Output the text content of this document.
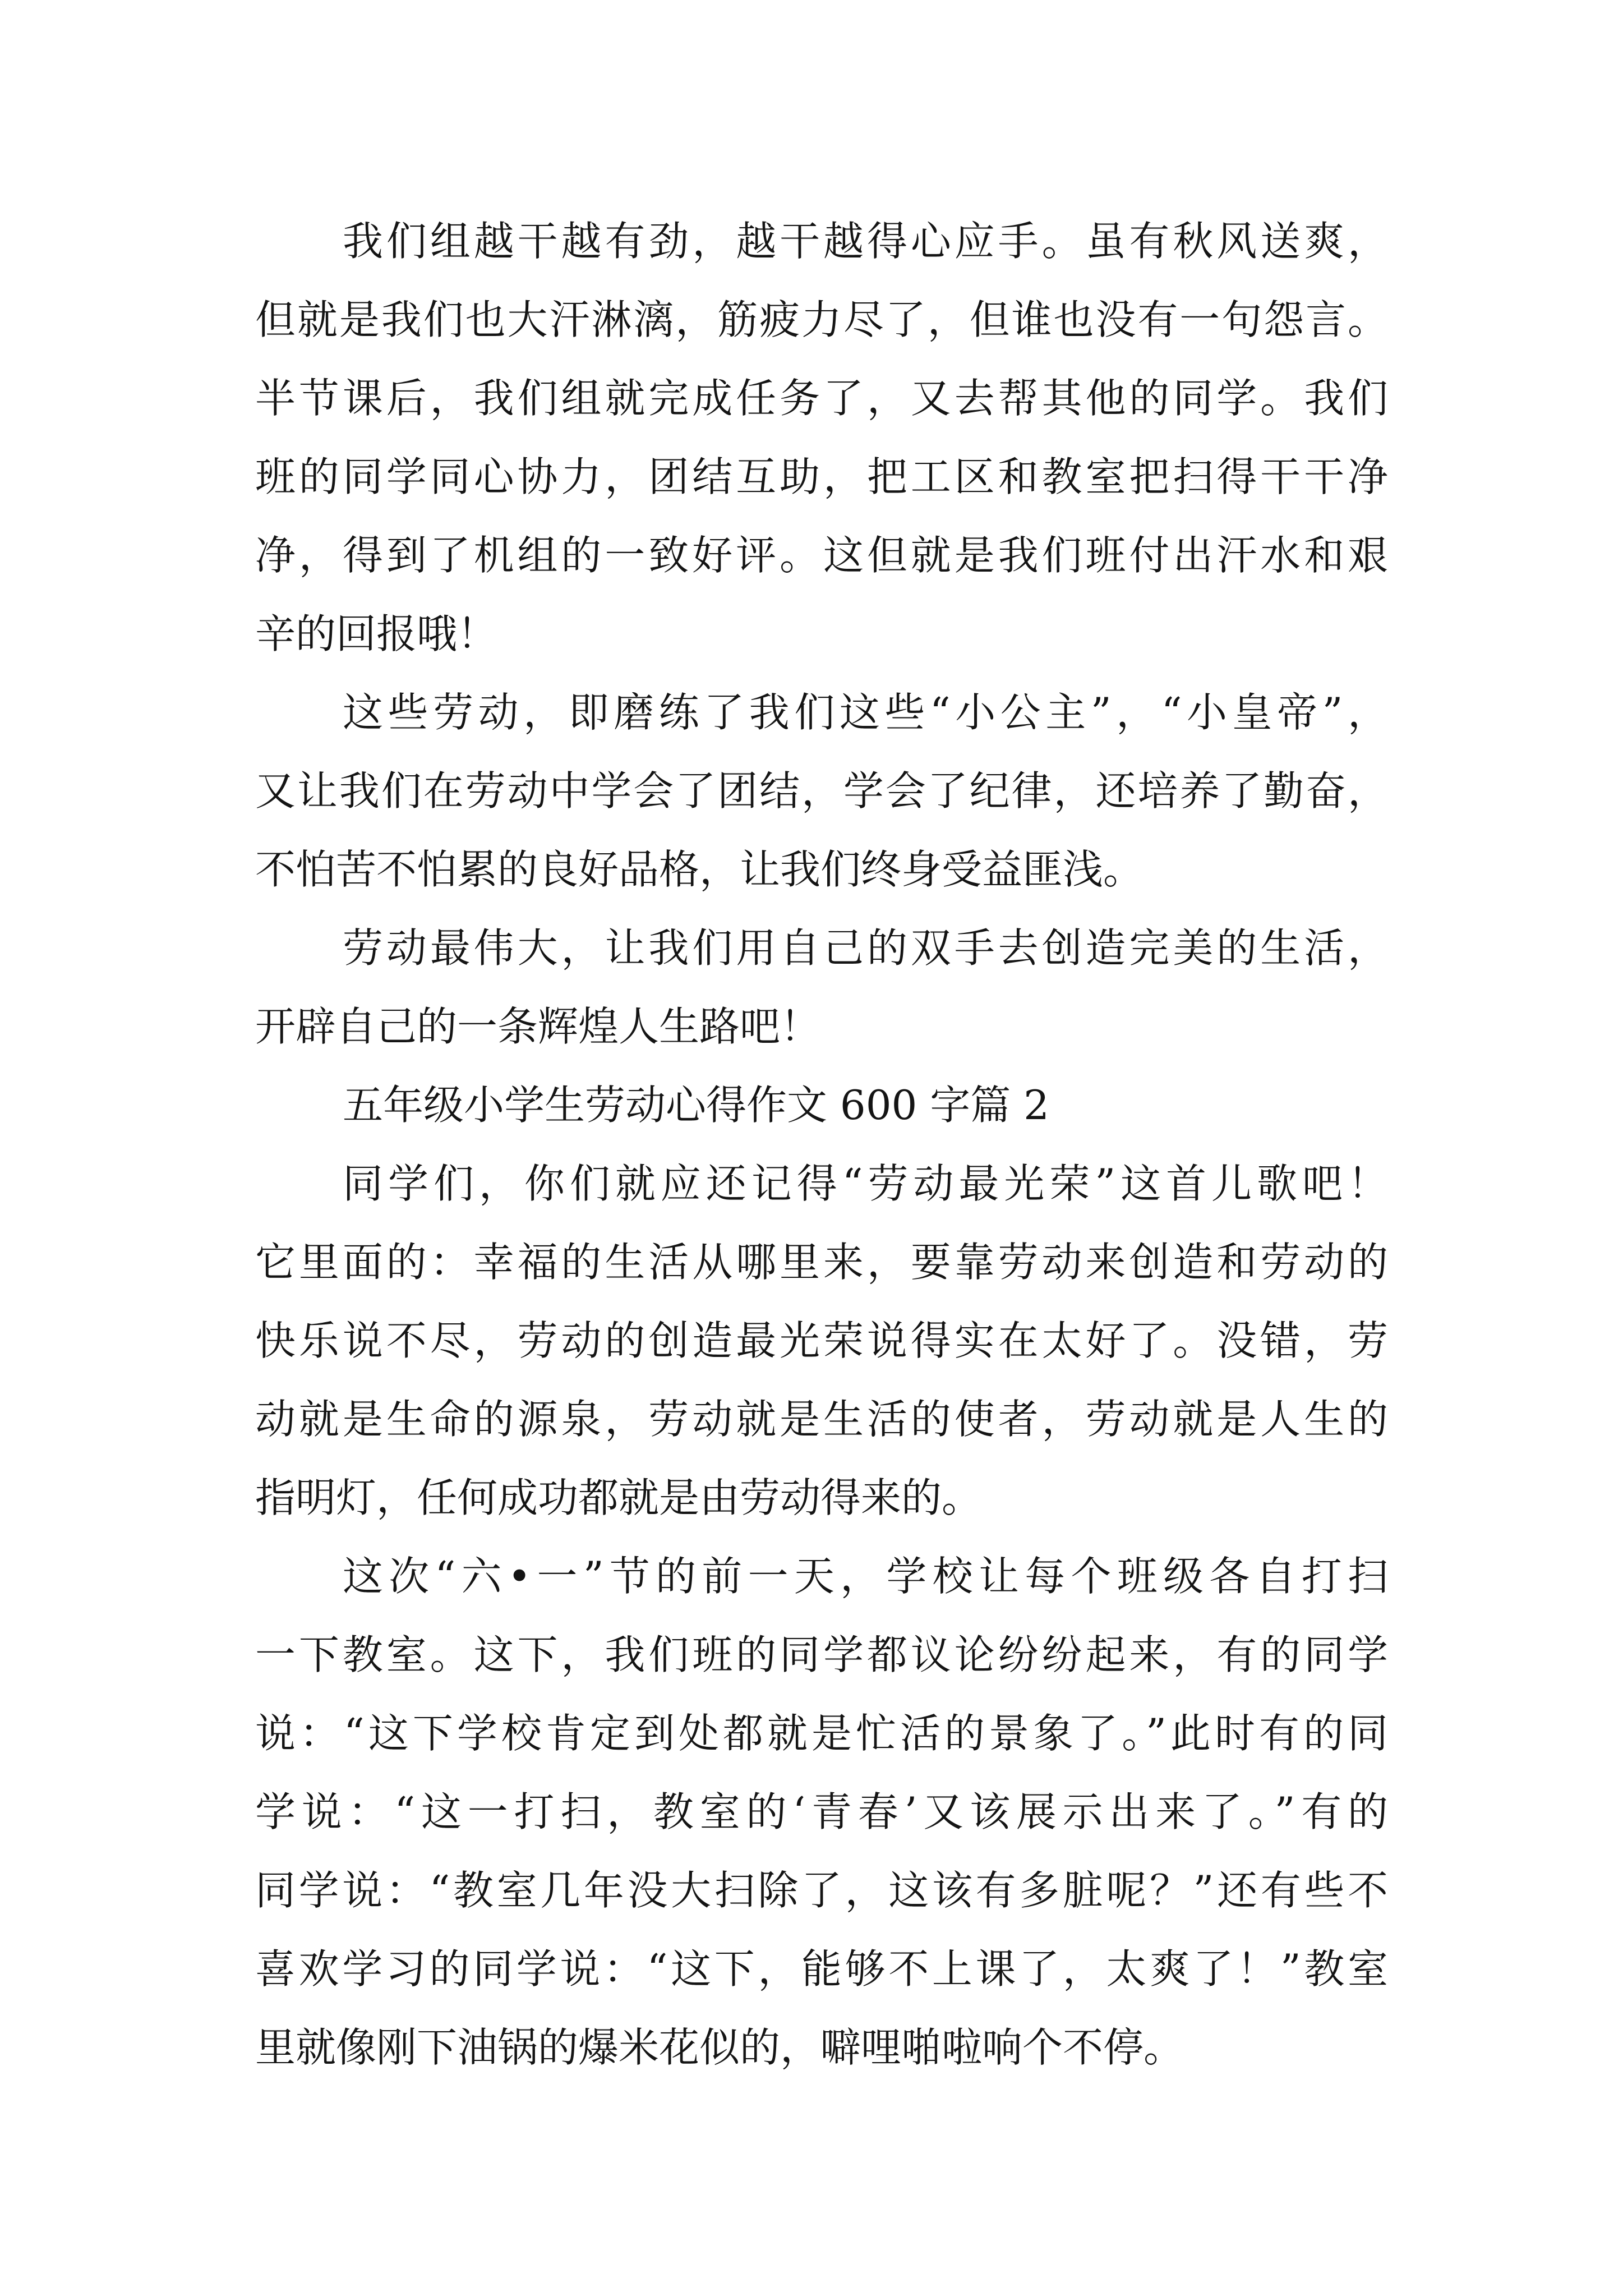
我们组越干越有劲，越干越得心应手。虽有秋风送爽，
但就是我们也大汗淋漓，筋疲力尽了，但谁也没有一句怨言。
半节课后，我们组就完成任务了，又去帮其他的同学。我们
班的同学同心协力，团结互助，把工区和教室把扫得干干净
净，得到了机组的一致好评。这但就是我们班付出汗水和艰
辛的回报哦！
这些劳动，即磨练了我们这些“小公主”，“小皇帝”，
又让我们在劳动中学会了团结，学会了纪律，还培养了勤奋，
不怕苦不怕累的良好品格，让我们终身受益匪浅。
劳动最伟大，让我们用自己的双手去创造完美的生活，
开辟自己的一条辉煌人生路吧！
五年级小学生劳动心得作文 600 字篇 2
同学们，你们就应还记得“劳动最光荣”这首儿歌吧！
它里面的：幸福的生活从哪里来，要靠劳动来创造和劳动的
快乐说不尽，劳动的创造最光荣说得实在太好了。没错，劳
动就是生命的源泉，劳动就是生活的使者，劳动就是人生的
指明灯，任何成功都就是由劳动得来的。
这次“六•一”节的前一天，学校让每个班级各自打扫
一下教室。这下，我们班的同学都议论纷纷起来，有的同学
说：“这下学校肯定到处都就是忙活的景象了。”此时有的同
学说：“这一打扫，教室的‘青春’又该展示出来了。”有的
同学说：“教室几年没大扫除了，这该有多脏呢？”还有些不
喜欢学习的同学说：“这下，能够不上课了，太爽了！”教室
里就像刚下油锅的爆米花似的，噼哩啪啦响个不停。
